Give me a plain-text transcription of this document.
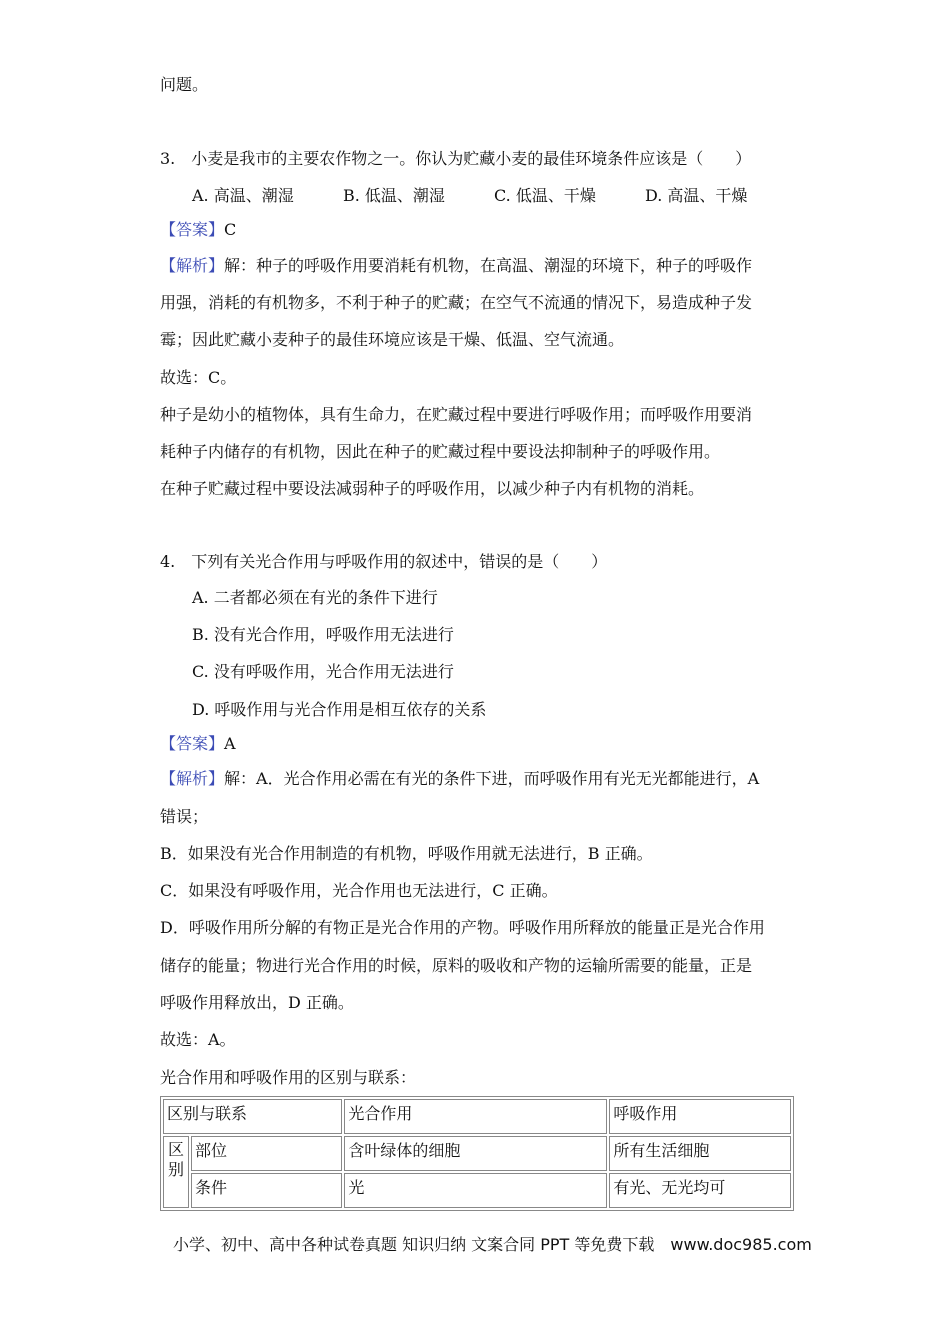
问题。
3.　小麦是我市的主要农作物之一。你认为贮藏小麦的最佳环境条件应该是（　　）
A. 高温、潮湿	B. 低温、潮湿	C. 低温、干燥	D. 高温、干燥
【答案】C
【解析】解：种子的呼吸作用要消耗有机物，在高温、潮湿的环境下，种子的呼吸作
用强，消耗的有机物多，不利于种子的贮藏；在空气不流通的情况下，易造成种子发
霉；因此贮藏小麦种子的最佳环境应该是干燥、低温、空气流通。
故选：C。
种子是幼小的植物体，具有生命力，在贮藏过程中要进行呼吸作用；而呼吸作用要消
耗种子内储存的有机物，因此在种子的贮藏过程中要设法抑制种子的呼吸作用。
在种子贮藏过程中要设法减弱种子的呼吸作用，以减少种子内有机物的消耗。
4.　下列有关光合作用与呼吸作用的叙述中，错误的是（　　）
A. 二者都必须在有光的条件下进行
B. 没有光合作用，呼吸作用无法进行
C. 没有呼吸作用，光合作用无法进行
D. 呼吸作用与光合作用是相互依存的关系
【答案】A
【解析】解：A．光合作用必需在有光的条件下进，而呼吸作用有光无光都能进行，A
错误；
B．如果没有光合作用制造的有机物，呼吸作用就无法进行，B 正确。
C．如果没有呼吸作用，光合作用也无法进行，C 正确。
D．呼吸作用所分解的有物正是光合作用的产物。呼吸作用所释放的能量正是光合作用
储存的能量；物进行光合作用的时候，原料的吸收和产物的运输所需要的能量，正是
呼吸作用释放出，D 正确。
故选：A。
光合作用和呼吸作用的区别与联系：
区别与联系		光合作用	呼吸作用

区
别	部位	含叶绿体的细胞	所有生活细胞
	条件	光	有光、无光均可
小学、初中、高中各种试卷真题 知识归纳 文案合同 PPT 等免费下载　www.doc985.com
